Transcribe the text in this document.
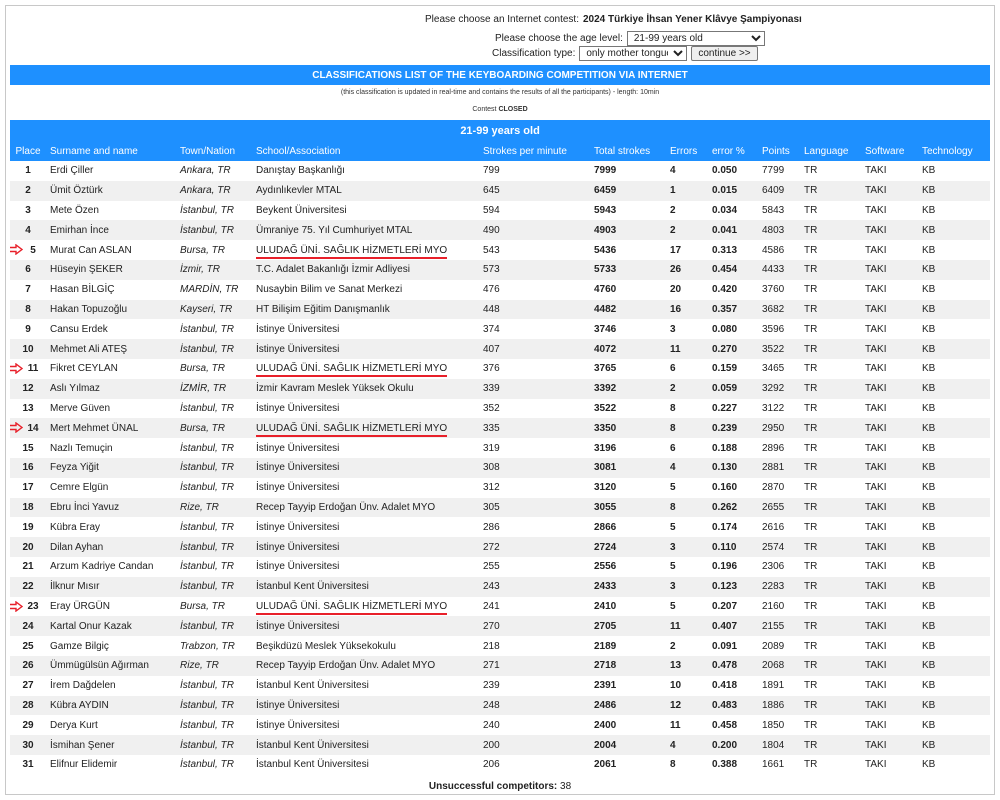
Please choose an Internet contest: 2024 Türkiye İhsan Yener Klâvye Şampiyonası
Please choose the age level:
21-99 years old
Classification type:
only mother tongue	continue >>
CLASSIFICATIONS LIST OF THE KEYBOARDING COMPETITION VIA INTERNET
(this classification is updated in real-time and contains the results of all the participants) - length: 10min
Contest CLOSED
21-99 years old											
Place	Surname and name	Town/Nation	School/Association	Strokes per minute	Total strokes	Errors	error %	Points	Language	Software	Technology
1	Erdi Çiller	Ankara, TR	Danıştay Başkanlığı	799	7999	4	0.050	7799	TR	TAKI	KB
2	Ümit Öztürk	Ankara, TR	Aydınlıkevler MTAL	645	6459	1	0.015	6409	TR	TAKI	KB
3	Mete Özen	İstanbul, TR	Beykent Üniversitesi	594	5943	2	0.034	5843	TR	TAKI	KB
4	Emirhan İnce	İstanbul, TR	Ümraniye 75. Yıl Cumhuriyet MTAL	490	4903	2	0.041	4803	TR	TAKI	KB

5	Murat Can ASLAN	Bursa, TR	ULUDAĞ ÜNİ. SAĞLIK HİZMETLERİ MYO	543	5436	17	0.313	4586	TR	TAKI	KB
6	Hüseyin ŞEKER	İzmir, TR	T.C. Adalet Bakanlığı İzmir Adliyesi	573	5733	26	0.454	4433	TR	TAKI	KB
7	Hasan BİLGİÇ	MARDİN, TR	Nusaybin Bilim ve Sanat Merkezi	476	4760	20	0.420	3760	TR	TAKI	KB
8	Hakan Topuzoğlu	Kayseri, TR	HT Bilişim Eğitim Danışmanlık	448	4482	16	0.357	3682	TR	TAKI	KB
9	Cansu Erdek	İstanbul, TR	İstinye Üniversitesi	374	3746	3	0.080	3596	TR	TAKI	KB
10	Mehmet Ali ATEŞ	İstanbul, TR	İstinye Üniversitesi	407	4072	11	0.270	3522	TR	TAKI	KB

11	Fikret CEYLAN	Bursa, TR	ULUDAĞ ÜNİ. SAĞLIK HİZMETLERİ MYO	376	3765	6	0.159	3465	TR	TAKI	KB
12	Aslı Yılmaz	İZMİR, TR	İzmir Kavram Meslek Yüksek Okulu	339	3392	2	0.059	3292	TR	TAKI	KB
13	Merve Güven	İstanbul, TR	İstinye Üniversitesi	352	3522	8	0.227	3122	TR	TAKI	KB

14	Mert Mehmet ÜNAL	Bursa, TR	ULUDAĞ ÜNİ. SAĞLIK HİZMETLERİ MYO	335	3350	8	0.239	2950	TR	TAKI	KB
15	Nazlı Temuçin	İstanbul, TR	İstinye Üniversitesi	319	3196	6	0.188	2896	TR	TAKI	KB
16	Feyza Yiğit	İstanbul, TR	İstinye Üniversitesi	308	3081	4	0.130	2881	TR	TAKI	KB
17	Cemre Elgün	İstanbul, TR	İstinye Üniversitesi	312	3120	5	0.160	2870	TR	TAKI	KB
18	Ebru İnci Yavuz	Rize, TR	Recep Tayyip Erdoğan Ünv. Adalet MYO	305	3055	8	0.262	2655	TR	TAKI	KB
19	Kübra Eray	İstanbul, TR	İstinye Üniversitesi	286	2866	5	0.174	2616	TR	TAKI	KB
20	Dilan Ayhan	İstanbul, TR	İstinye Üniversitesi	272	2724	3	0.110	2574	TR	TAKI	KB
21	Arzum Kadriye Candan	İstanbul, TR	İstinye Üniversitesi	255	2556	5	0.196	2306	TR	TAKI	KB
22	İlknur Mısır	İstanbul, TR	İstanbul Kent Üniversitesi	243	2433	3	0.123	2283	TR	TAKI	KB

23	Eray ÜRGÜN	Bursa, TR	ULUDAĞ ÜNİ. SAĞLIK HİZMETLERİ MYO	241	2410	5	0.207	2160	TR	TAKI	KB
24	Kartal Onur Kazak	İstanbul, TR	İstinye Üniversitesi	270	2705	11	0.407	2155	TR	TAKI	KB
25	Gamze Bilgiç	Trabzon, TR	Beşikdüzü Meslek Yüksekokulu	218	2189	2	0.091	2089	TR	TAKI	KB
26	Ümmügülsün Ağırman	Rize, TR	Recep Tayyip Erdoğan Ünv. Adalet MYO	271	2718	13	0.478	2068	TR	TAKI	KB
27	İrem Dağdelen	İstanbul, TR	İstanbul Kent Üniversitesi	239	2391	10	0.418	1891	TR	TAKI	KB
28	Kübra AYDIN	İstanbul, TR	İstinye Üniversitesi	248	2486	12	0.483	1886	TR	TAKI	KB
29	Derya Kurt	İstanbul, TR	İstinye Üniversitesi	240	2400	11	0.458	1850	TR	TAKI	KB
30	İsmihan Şener	İstanbul, TR	İstanbul Kent Üniversitesi	200	2004	4	0.200	1804	TR	TAKI	KB
31	Elifnur Elidemir	İstanbul, TR	İstanbul Kent Üniversitesi	206	2061	8	0.388	1661	TR	TAKI	KB
Unsuccessful competitors: 38
